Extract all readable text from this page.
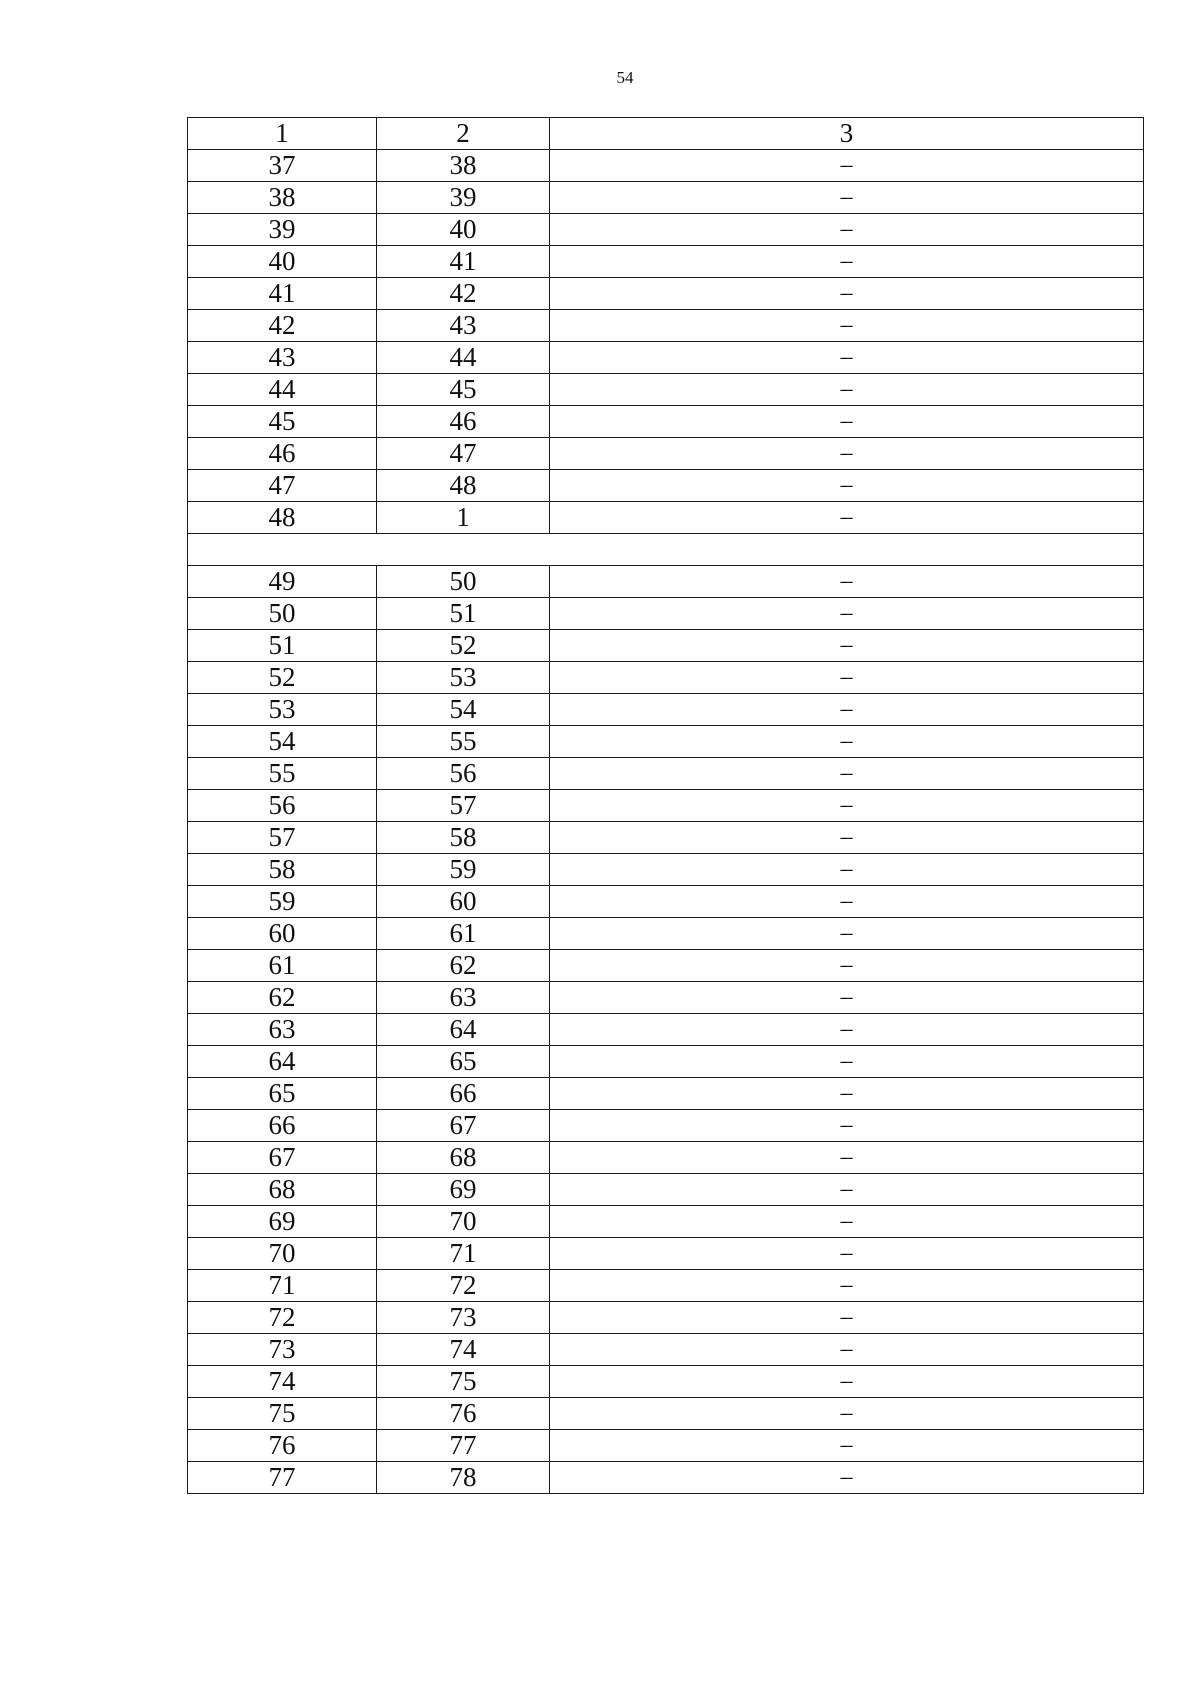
54
1	2	3
37	38	–
38	39	–
39	40	–
40	41	–
41	42	–
42	43	–
43	44	–
44	45	–
45	46	–
46	47	–
47	48	–
48	1	–

49	50	–
50	51	–
51	52	–
52	53	–
53	54	–
54	55	–
55	56	–
56	57	–
57	58	–
58	59	–
59	60	–
60	61	–
61	62	–
62	63	–
63	64	–
64	65	–
65	66	–
66	67	–
67	68	–
68	69	–
69	70	–
70	71	–
71	72	–
72	73	–
73	74	–
74	75	–
75	76	–
76	77	–
77	78	–
